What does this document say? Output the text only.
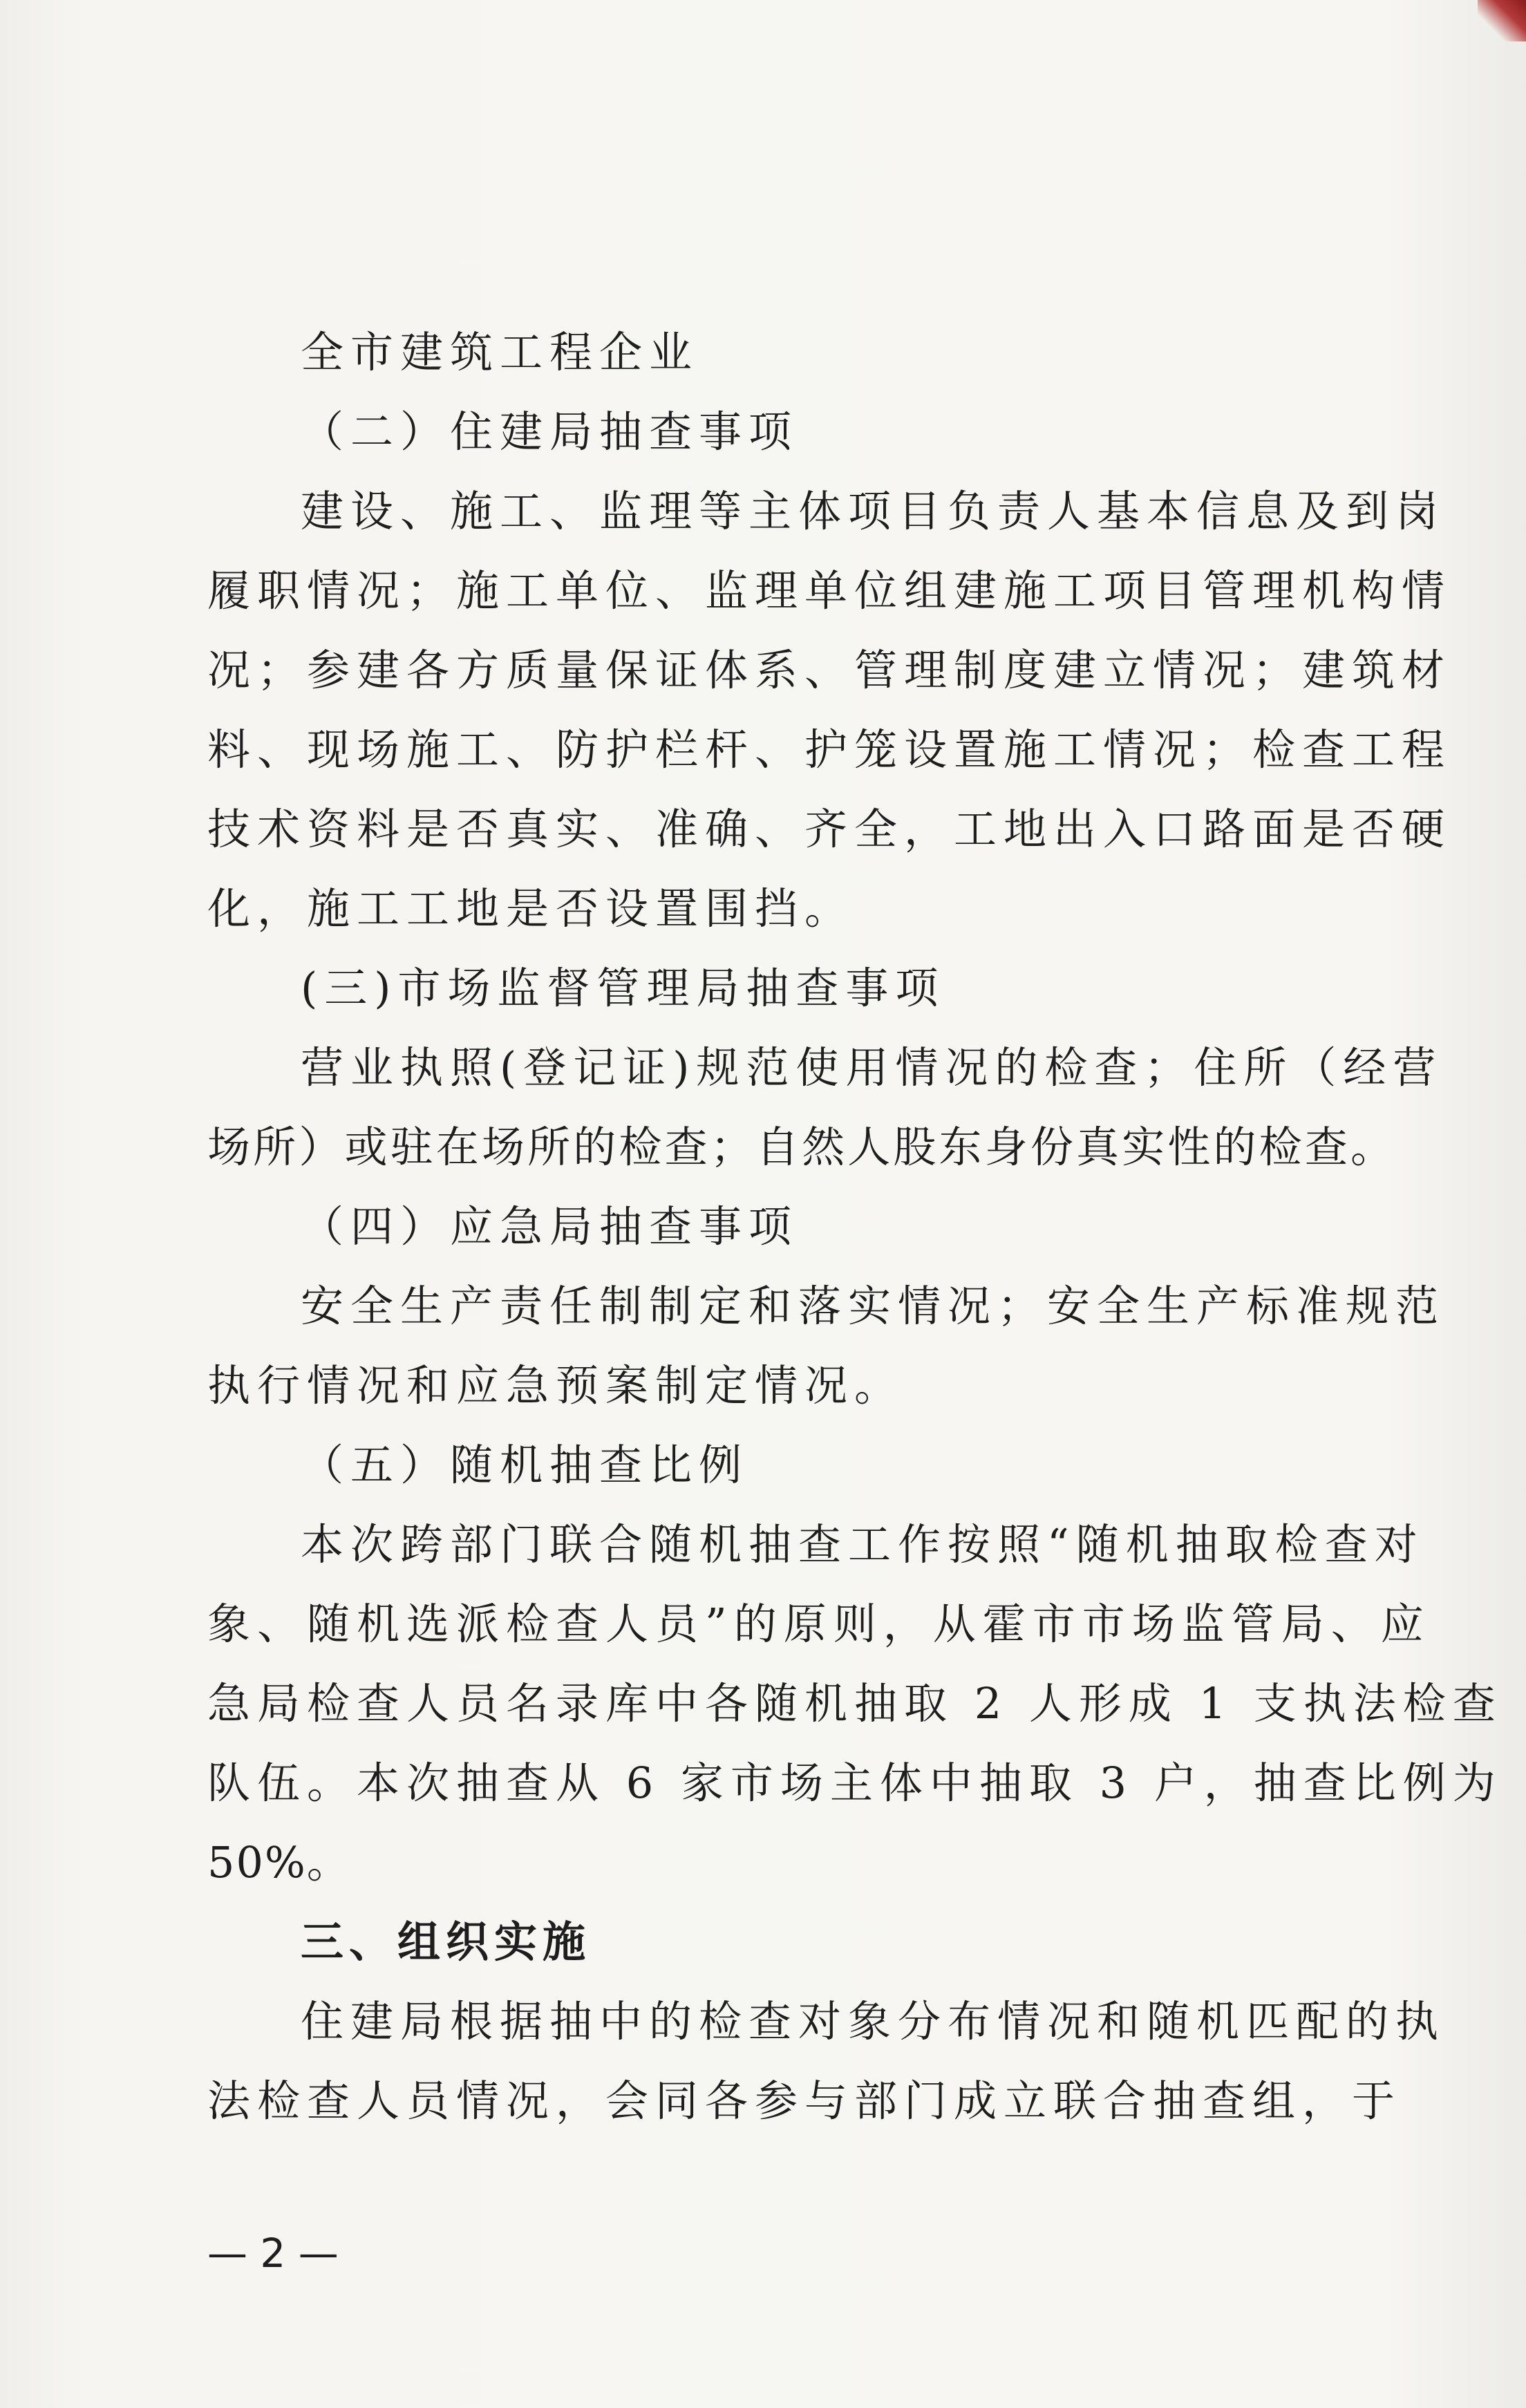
全市建筑工程企业
（二）住建局抽查事项
建设、施工、监理等主体项目负责人基本信息及到岗
履职情况；施工单位、监理单位组建施工项目管理机构情
况；参建各方质量保证体系、管理制度建立情况；建筑材
料、现场施工、防护栏杆、护笼设置施工情况；检查工程
技术资料是否真实、准确、齐全，工地出入口路面是否硬
化，施工工地是否设置围挡。
(三)市场监督管理局抽查事项
营业执照(登记证)规范使用情况的检查；住所（经营
场所）或驻在场所的检查；自然人股东身份真实性的检查。
（四）应急局抽查事项
安全生产责任制制定和落实情况；安全生产标准规范
执行情况和应急预案制定情况。
（五）随机抽查比例
本次跨部门联合随机抽查工作按照“随机抽取检查对
象、随机选派检查人员”的原则，从霍市市场监管局、应
急局检查人员名录库中各随机抽取 2 人形成 1 支执法检查
队伍。本次抽查从 6 家市场主体中抽取 3 户，抽查比例为
50%。
三、组织实施
住建局根据抽中的检查对象分布情况和随机匹配的执
法检查人员情况，会同各参与部门成立联合抽查组，于
— 2 —
